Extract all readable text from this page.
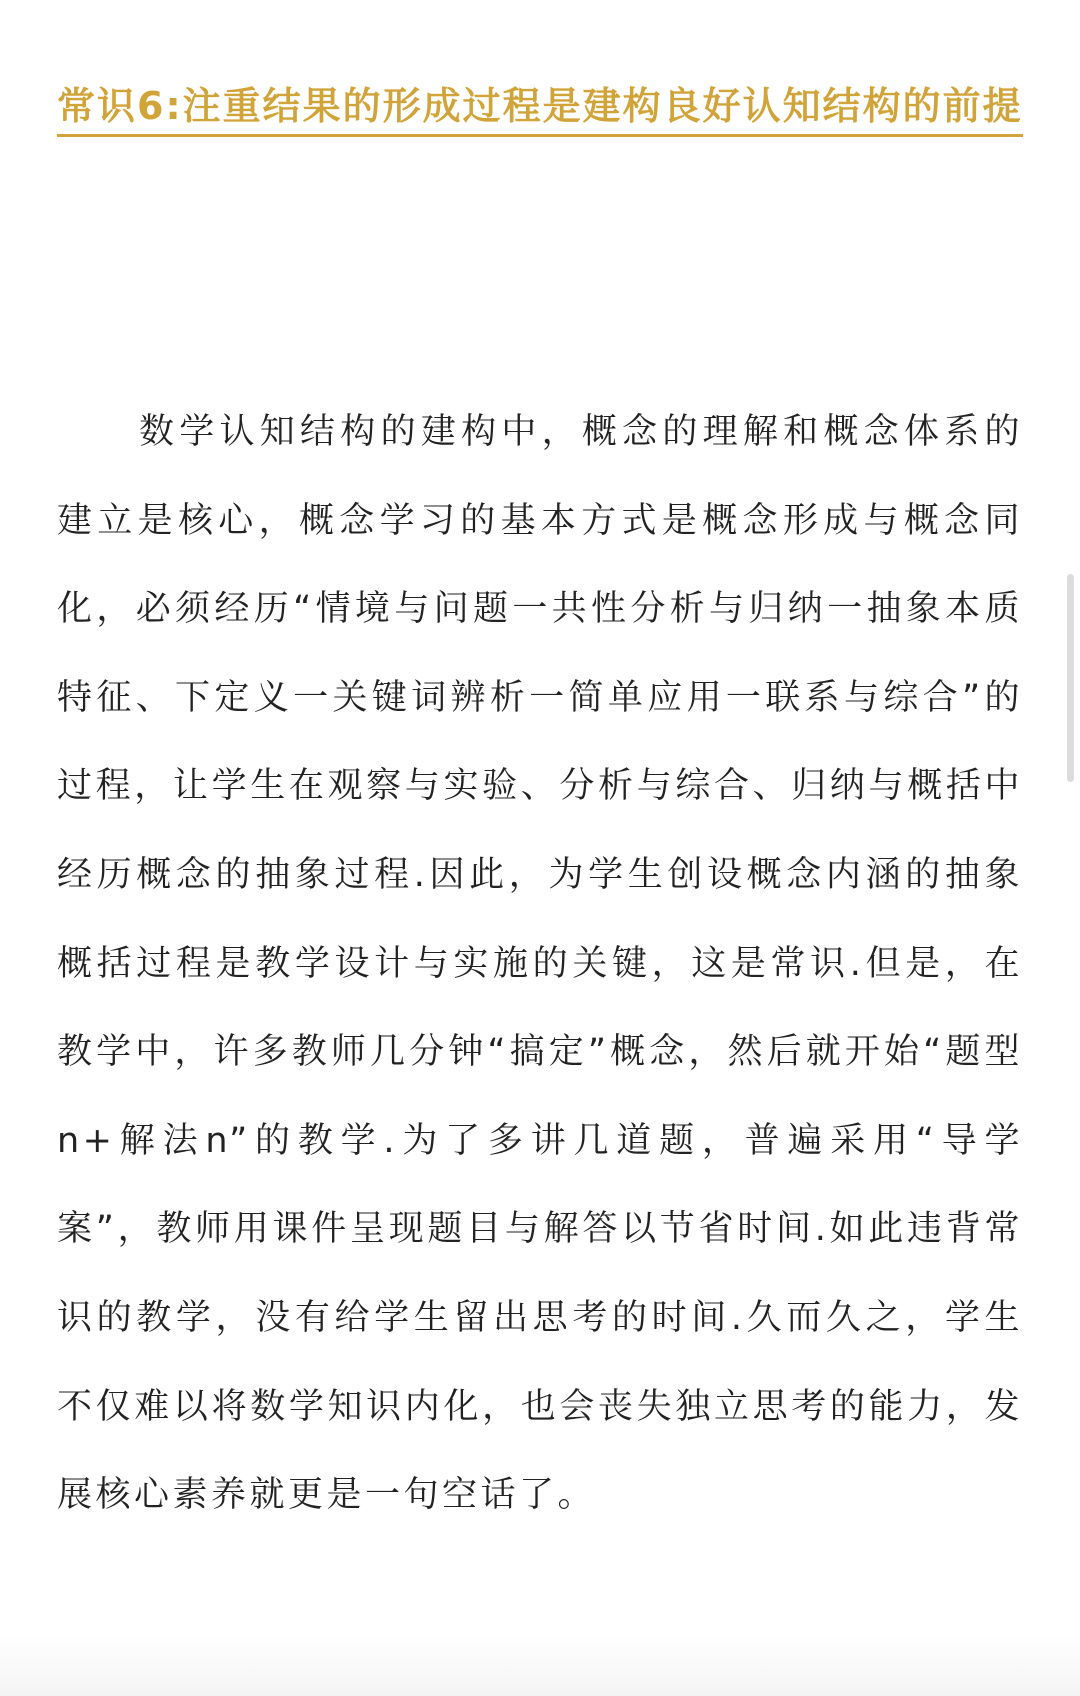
常识6:注重结果的形成过程是建构良好认知结构的前提

数学认知结构的建构中，概念的理解和概念体系的建立是核心，概念学习的基本方式是概念形成与概念同化，必须经历“情境与问题一共性分析与归纳一抽象本质特征、下定义一关键词辨析一简单应用一联系与综合”的过程，让学生在观察与实验、分析与综合、归纳与概括中经历概念的抽象过程.因此，为学生创设概念内涵的抽象概括过程是教学设计与实施的关键，这是常识.但是，在教学中，许多教师几分钟“搞定”概念，然后就开始“题型n+解法n”的教学.为了多讲几道题，普遍采用“导学案”，教师用课件呈现题目与解答以节省时间.如此违背常识的教学，没有给学生留出思考的时间.久而久之，学生不仅难以将数学知识内化，也会丧失独立思考的能力，发展核心素养就更是一句空话了。
